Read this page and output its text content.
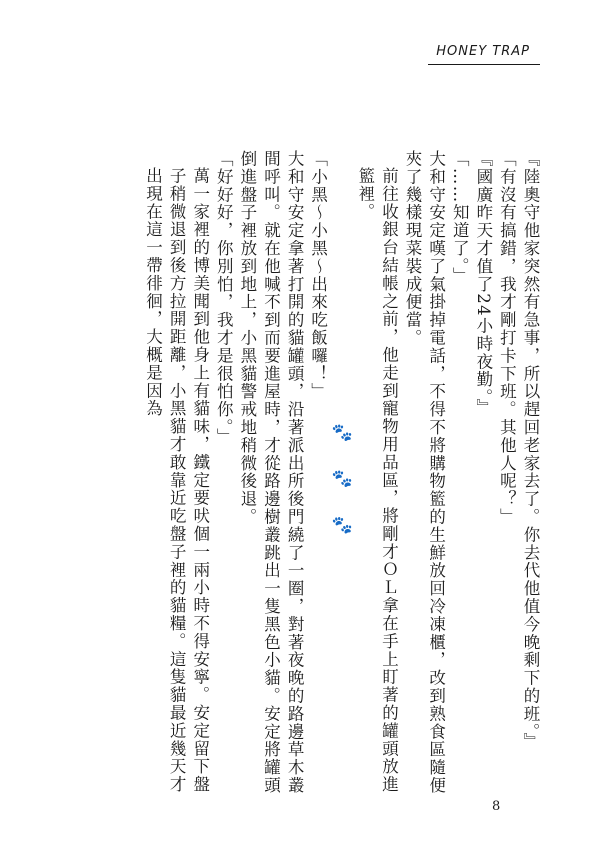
HONEY TRAP

『陸奧守他家突然有急事，所以趕回老家去了。你去代他值今晚剩下的班。』

「有沒有搞錯，我才剛打卡下班。其他人呢？」

『國廣昨天才值了24小時夜勤。』

「……知道了。」

大和守安定嘆了氣掛掉電話，不得不將購物籃的生鮮放回冷凍櫃，改到熟食區隨便夾了幾樣現菜裝成便當。

前往收銀台結帳之前，他走到寵物用品區，將剛才ＯＬ拿在手上盯著的罐頭放進籃裡。

🐾 🐾 🐾

「小黑～小黑～出來吃飯囉！」

大和守安定拿著打開的貓罐頭，沿著派出所後門繞了一圈，對著夜晚的路邊草木叢間呼叫。就在他喊不到而要進屋時，才從路邊樹叢跳出一隻黑色小貓。安定將罐頭倒進盤子裡放到地上，小黑貓警戒地稍微後退。

「好好好，你別怕，我才是很怕你。」

萬一家裡的博美聞到他身上有貓味，鐵定要吠個一兩小時不得安寧。安定留下盤子稍微退到後方拉開距離，小黑貓才敢靠近吃盤子裡的貓糧。這隻貓最近幾天才出現在這一帶徘徊，大概是因為

8
